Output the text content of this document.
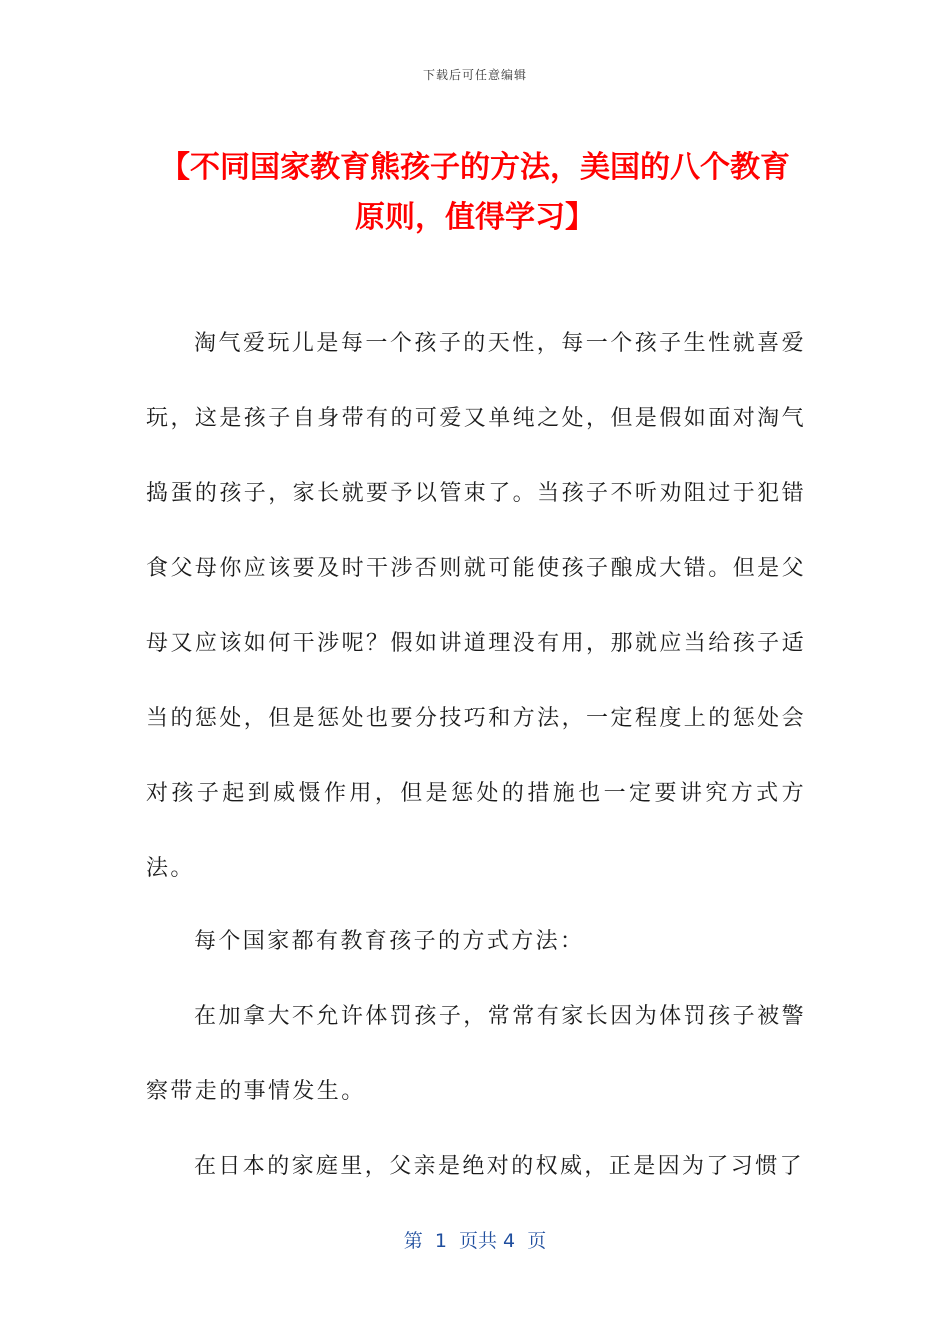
下载后可任意编辑
【不同国家教育熊孩子的方法，美国的八个教育原则，值得学习】

淘气爱玩儿是每一个孩子的天性，每一个孩子生性就喜爱玩，这是孩子自身带有的可爱又单纯之处，但是假如面对淘气捣蛋的孩子，家长就要予以管束了。当孩子不听劝阻过于犯错食父母你应该要及时干涉否则就可能使孩子酿成大错。但是父母又应该如何干涉呢？假如讲道理没有用，那就应当给孩子适当的惩处，但是惩处也要分技巧和方法，一定程度上的惩处会对孩子起到威慑作用，但是惩处的措施也一定要讲究方式方法。

每个国家都有教育孩子的方式方法：

在加拿大不允许体罚孩子，常常有家长因为体罚孩子被警察带走的事情发生。

在日本的家庭里，父亲是绝对的权威，正是因为了习惯了

第  1  页共 4  页
